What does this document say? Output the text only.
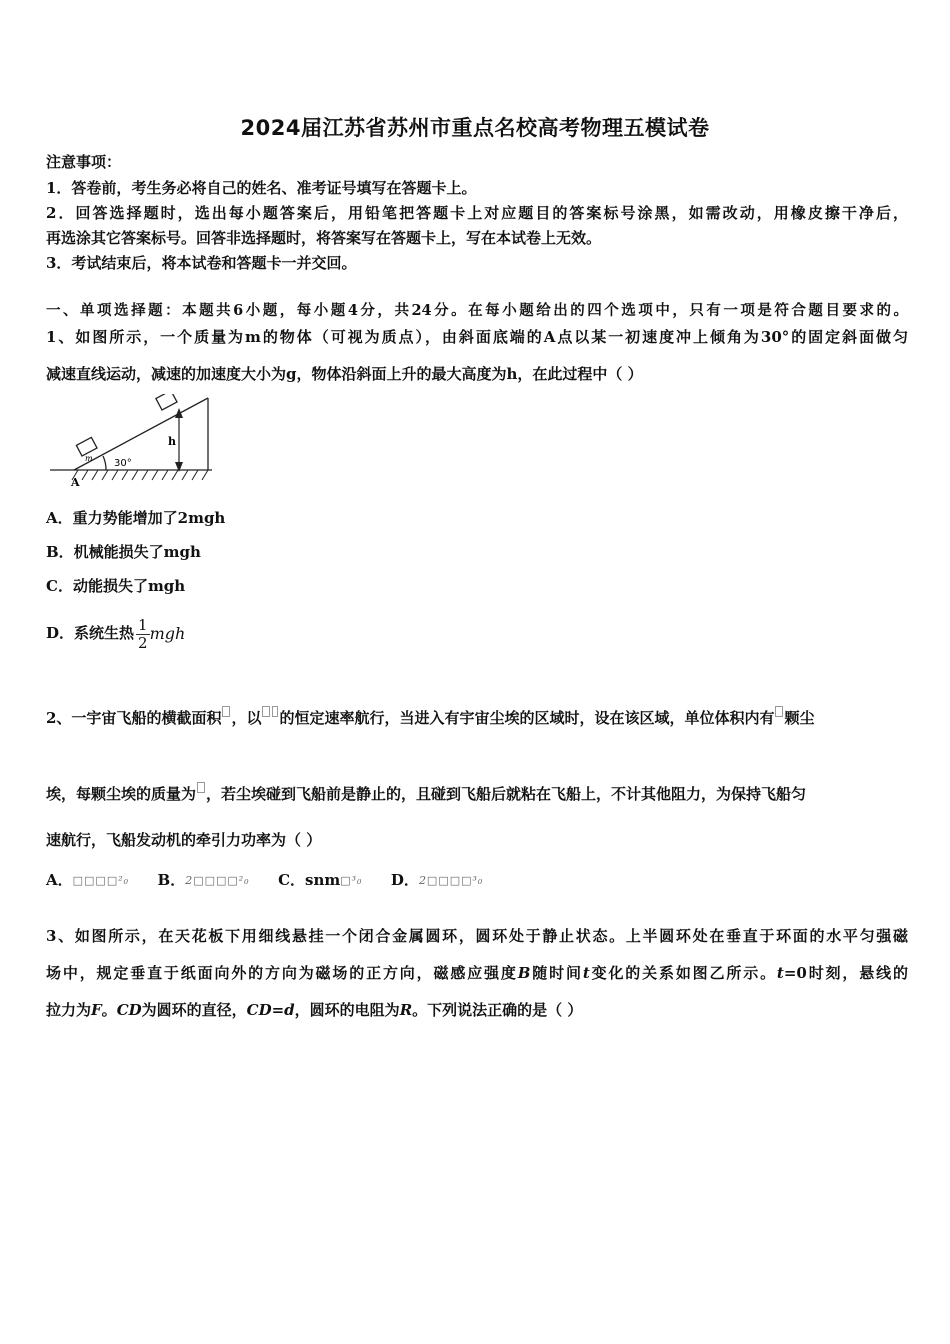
2024届江苏省苏州市重点名校高考物理五模试卷
注意事项：
1．答卷前，考生务必将自己的姓名、准考证号填写在答题卡上。
2．回答选择题时，选出每小题答案后，用铅笔把答题卡上对应题目的答案标号涂黑，如需改动，用橡皮擦干净后，
再选涂其它答案标号。回答非选择题时，将答案写在答题卡上，写在本试卷上无效。
3．考试结束后，将本试卷和答题卡一并交回。
一、单项选择题：本题共6小题，每小题4分，共24分。在每小题给出的四个选项中，只有一项是符合题目要求的。
1、如图所示，一个质量为m的物体（可视为质点），由斜面底端的A点以某一初速度冲上倾角为30°的固定斜面做匀
减速直线运动，减速的加速度大小为g，物体沿斜面上升的最大高度为h，在此过程中（ ）
h
30°
A
m
A．重力势能增加了2mgh
B．机械能损失了mgh
C．动能损失了mgh
D．系统生热 $\frac{1}{2}$ mgh
2、一宇宙飞船的横截面积 ，以 的恒定速率航行，当进入有宇宙尘埃的区域时，设在该区域，单位体积内有 颗尘
埃，每颗尘埃的质量为 ，若尘埃碰到飞船前是静止的，且碰到飞船后就粘在飞船上，不计其他阻力，为保持飞船匀
速航行，飞船发动机的牵引力功率为（ ）
A．□□□□²₀ B．2□□□□²₀ C．snm□³₀ D．2□□□□³₀
3、如图所示，在天花板下用细线悬挂一个闭合金属圆环，圆环处于静止状态。上半圆环处在垂直于环面的水平匀强磁
场中，规定垂直于纸面向外的方向为磁场的正方向，磁感应强度B随时间t变化的关系如图乙所示。t=0时刻，悬线的
拉力为F。CD为圆环的直径，CD=d，圆环的电阻为R。下列说法正确的是（ ）
